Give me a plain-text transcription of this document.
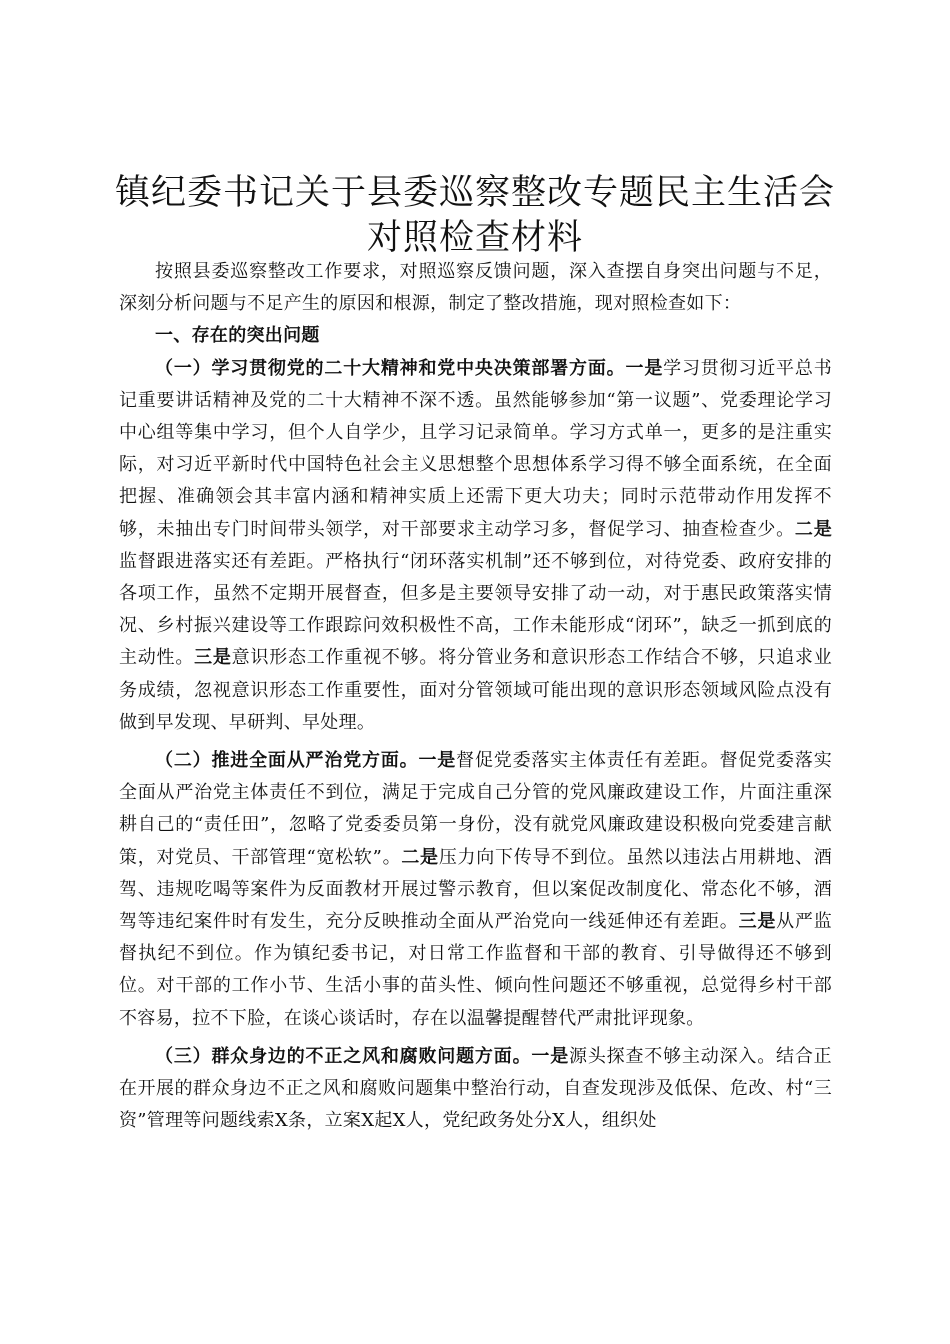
镇纪委书记关于县委巡察整改专题民主生活会
对照检查材料

按照县委巡察整改工作要求，对照巡察反馈问题，深入查摆自身突出问题与不足，深刻分析问题与不足产生的原因和根源，制定了整改措施，现对照检查如下：

一、存在的突出问题

（一）学习贯彻党的二十大精神和党中央决策部署方面。一是学习贯彻习近平总书记重要讲话精神及党的二十大精神不深不透。虽然能够参加“第一议题”、党委理论学习中心组等集中学习，但个人自学少，且学习记录简单。学习方式单一，更多的是注重实际，对习近平新时代中国特色社会主义思想整个思想体系学习得不够全面系统，在全面把握、准确领会其丰富内涵和精神实质上还需下更大功夫；同时示范带动作用发挥不够，未抽出专门时间带头领学，对干部要求主动学习多，督促学习、抽查检查少。二是监督跟进落实还有差距。严格执行“闭环落实机制”还不够到位，对待党委、政府安排的各项工作，虽然不定期开展督查，但多是主要领导安排了动一动，对于惠民政策落实情况、乡村振兴建设等工作跟踪问效积极性不高，工作未能形成“闭环”，缺乏一抓到底的主动性。三是意识形态工作重视不够。将分管业务和意识形态工作结合不够，只追求业务成绩，忽视意识形态工作重要性，面对分管领域可能出现的意识形态领域风险点没有做到早发现、早研判、早处理。

（二）推进全面从严治党方面。一是督促党委落实主体责任有差距。督促党委落实全面从严治党主体责任不到位，满足于完成自己分管的党风廉政建设工作，片面注重深耕自己的“责任田”，忽略了党委委员第一身份，没有就党风廉政建设积极向党委建言献策，对党员、干部管理“宽松软”。二是压力向下传导不到位。虽然以违法占用耕地、酒驾、违规吃喝等案件为反面教材开展过警示教育，但以案促改制度化、常态化不够，酒驾等违纪案件时有发生，充分反映推动全面从严治党向一线延伸还有差距。三是从严监督执纪不到位。作为镇纪委书记，对日常工作监督和干部的教育、引导做得还不够到位。对干部的工作小节、生活小事的苗头性、倾向性问题还不够重视，总觉得乡村干部不容易，拉不下脸，在谈心谈话时，存在以温馨提醒替代严肃批评现象。

（三）群众身边的不正之风和腐败问题方面。一是源头探查不够主动深入。结合正在开展的群众身边不正之风和腐败问题集中整治行动，自查发现涉及低保、危改、村“三资”管理等问题线索X条，立案X起X人，党纪政务处分X人，组织处
